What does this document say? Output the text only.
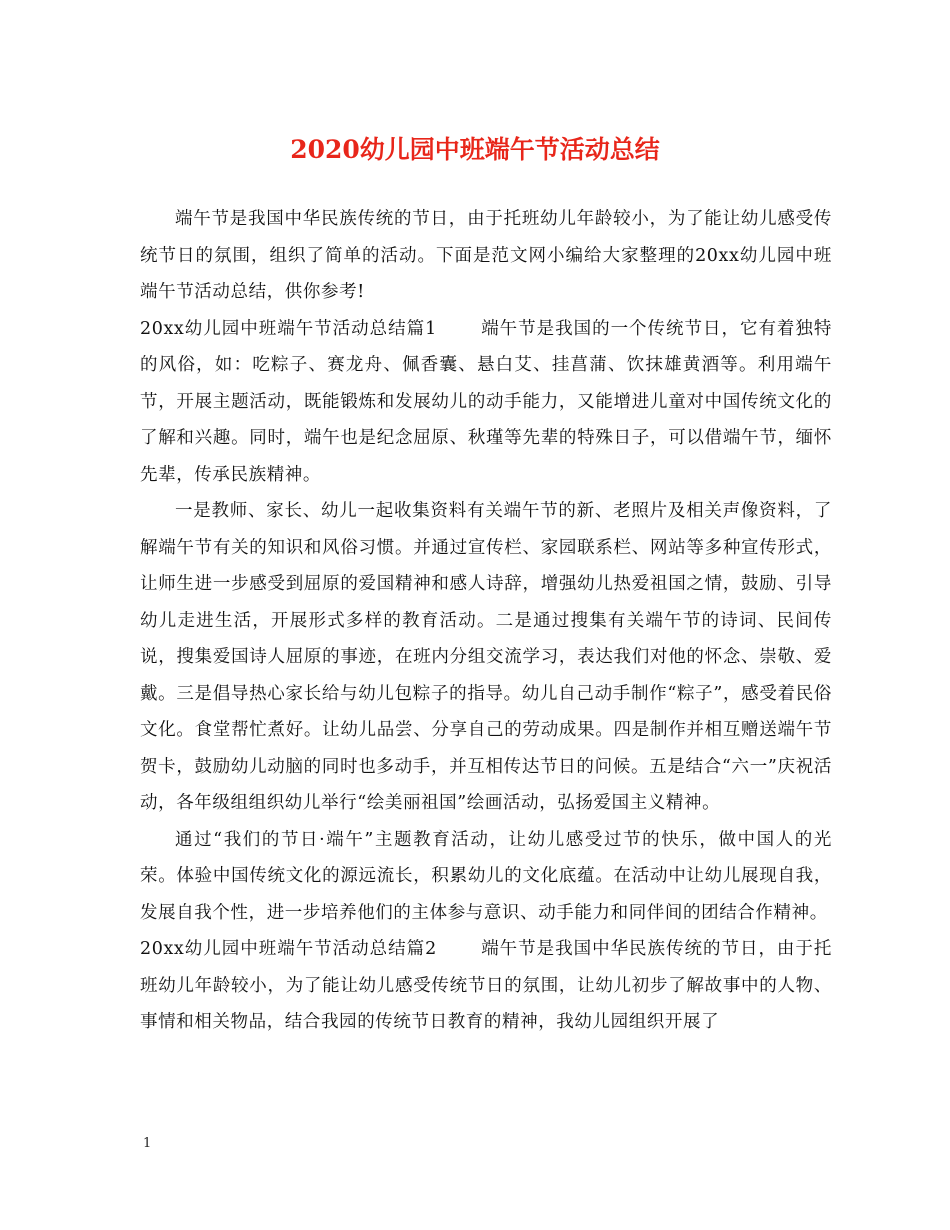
2020幼儿园中班端午节活动总结

端午节是我国中华民族传统的节日，由于托班幼儿年龄较小，为了能让幼儿感受传统节日的氛围，组织了简单的活动。下面是范文网小编给大家整理的20xx幼儿园中班端午节活动总结，供你参考!

20xx幼儿园中班端午节活动总结篇1	端午节是我国的一个传统节日，它有着独特的风俗，如：吃粽子、赛龙舟、佩香囊、悬白艾、挂菖蒲、饮抹雄黄酒等。利用端午节，开展主题活动，既能锻炼和发展幼儿的动手能力，又能增进儿童对中国传统文化的了解和兴趣。同时，端午也是纪念屈原、秋瑾等先辈的特殊日子，可以借端午节，缅怀先辈，传承民族精神。

一是教师、家长、幼儿一起收集资料有关端午节的新、老照片及相关声像资料，了解端午节有关的知识和风俗习惯。并通过宣传栏、家园联系栏、网站等多种宣传形式，让师生进一步感受到屈原的爱国精神和感人诗辞，增强幼儿热爱祖国之情，鼓励、引导幼儿走进生活，开展形式多样的教育活动。二是通过搜集有关端午节的诗词、民间传说，搜集爱国诗人屈原的事迹，在班内分组交流学习，表达我们对他的怀念、崇敬、爱戴。三是倡导热心家长给与幼儿包粽子的指导。幼儿自己动手制作“粽子”，感受着民俗文化。食堂帮忙煮好。让幼儿品尝、分享自己的劳动成果。四是制作并相互赠送端午节贺卡，鼓励幼儿动脑的同时也多动手，并互相传达节日的问候。五是结合“六一”庆祝活动，各年级组组织幼儿举行“绘美丽祖国”绘画活动，弘扬爱国主义精神。

通过“我们的节日·端午”主题教育活动，让幼儿感受过节的快乐，做中国人的光荣。体验中国传统文化的源远流长，积累幼儿的文化底蕴。在活动中让幼儿展现自我，发展自我个性，进一步培养他们的主体参与意识、动手能力和同伴间的团结合作精神。

20xx幼儿园中班端午节活动总结篇2	端午节是我国中华民族传统的节日，由于托班幼儿年龄较小，为了能让幼儿感受传统节日的氛围，让幼儿初步了解故事中的人物、事情和相关物品，结合我园的传统节日教育的精神，我幼儿园组织开展了

1
